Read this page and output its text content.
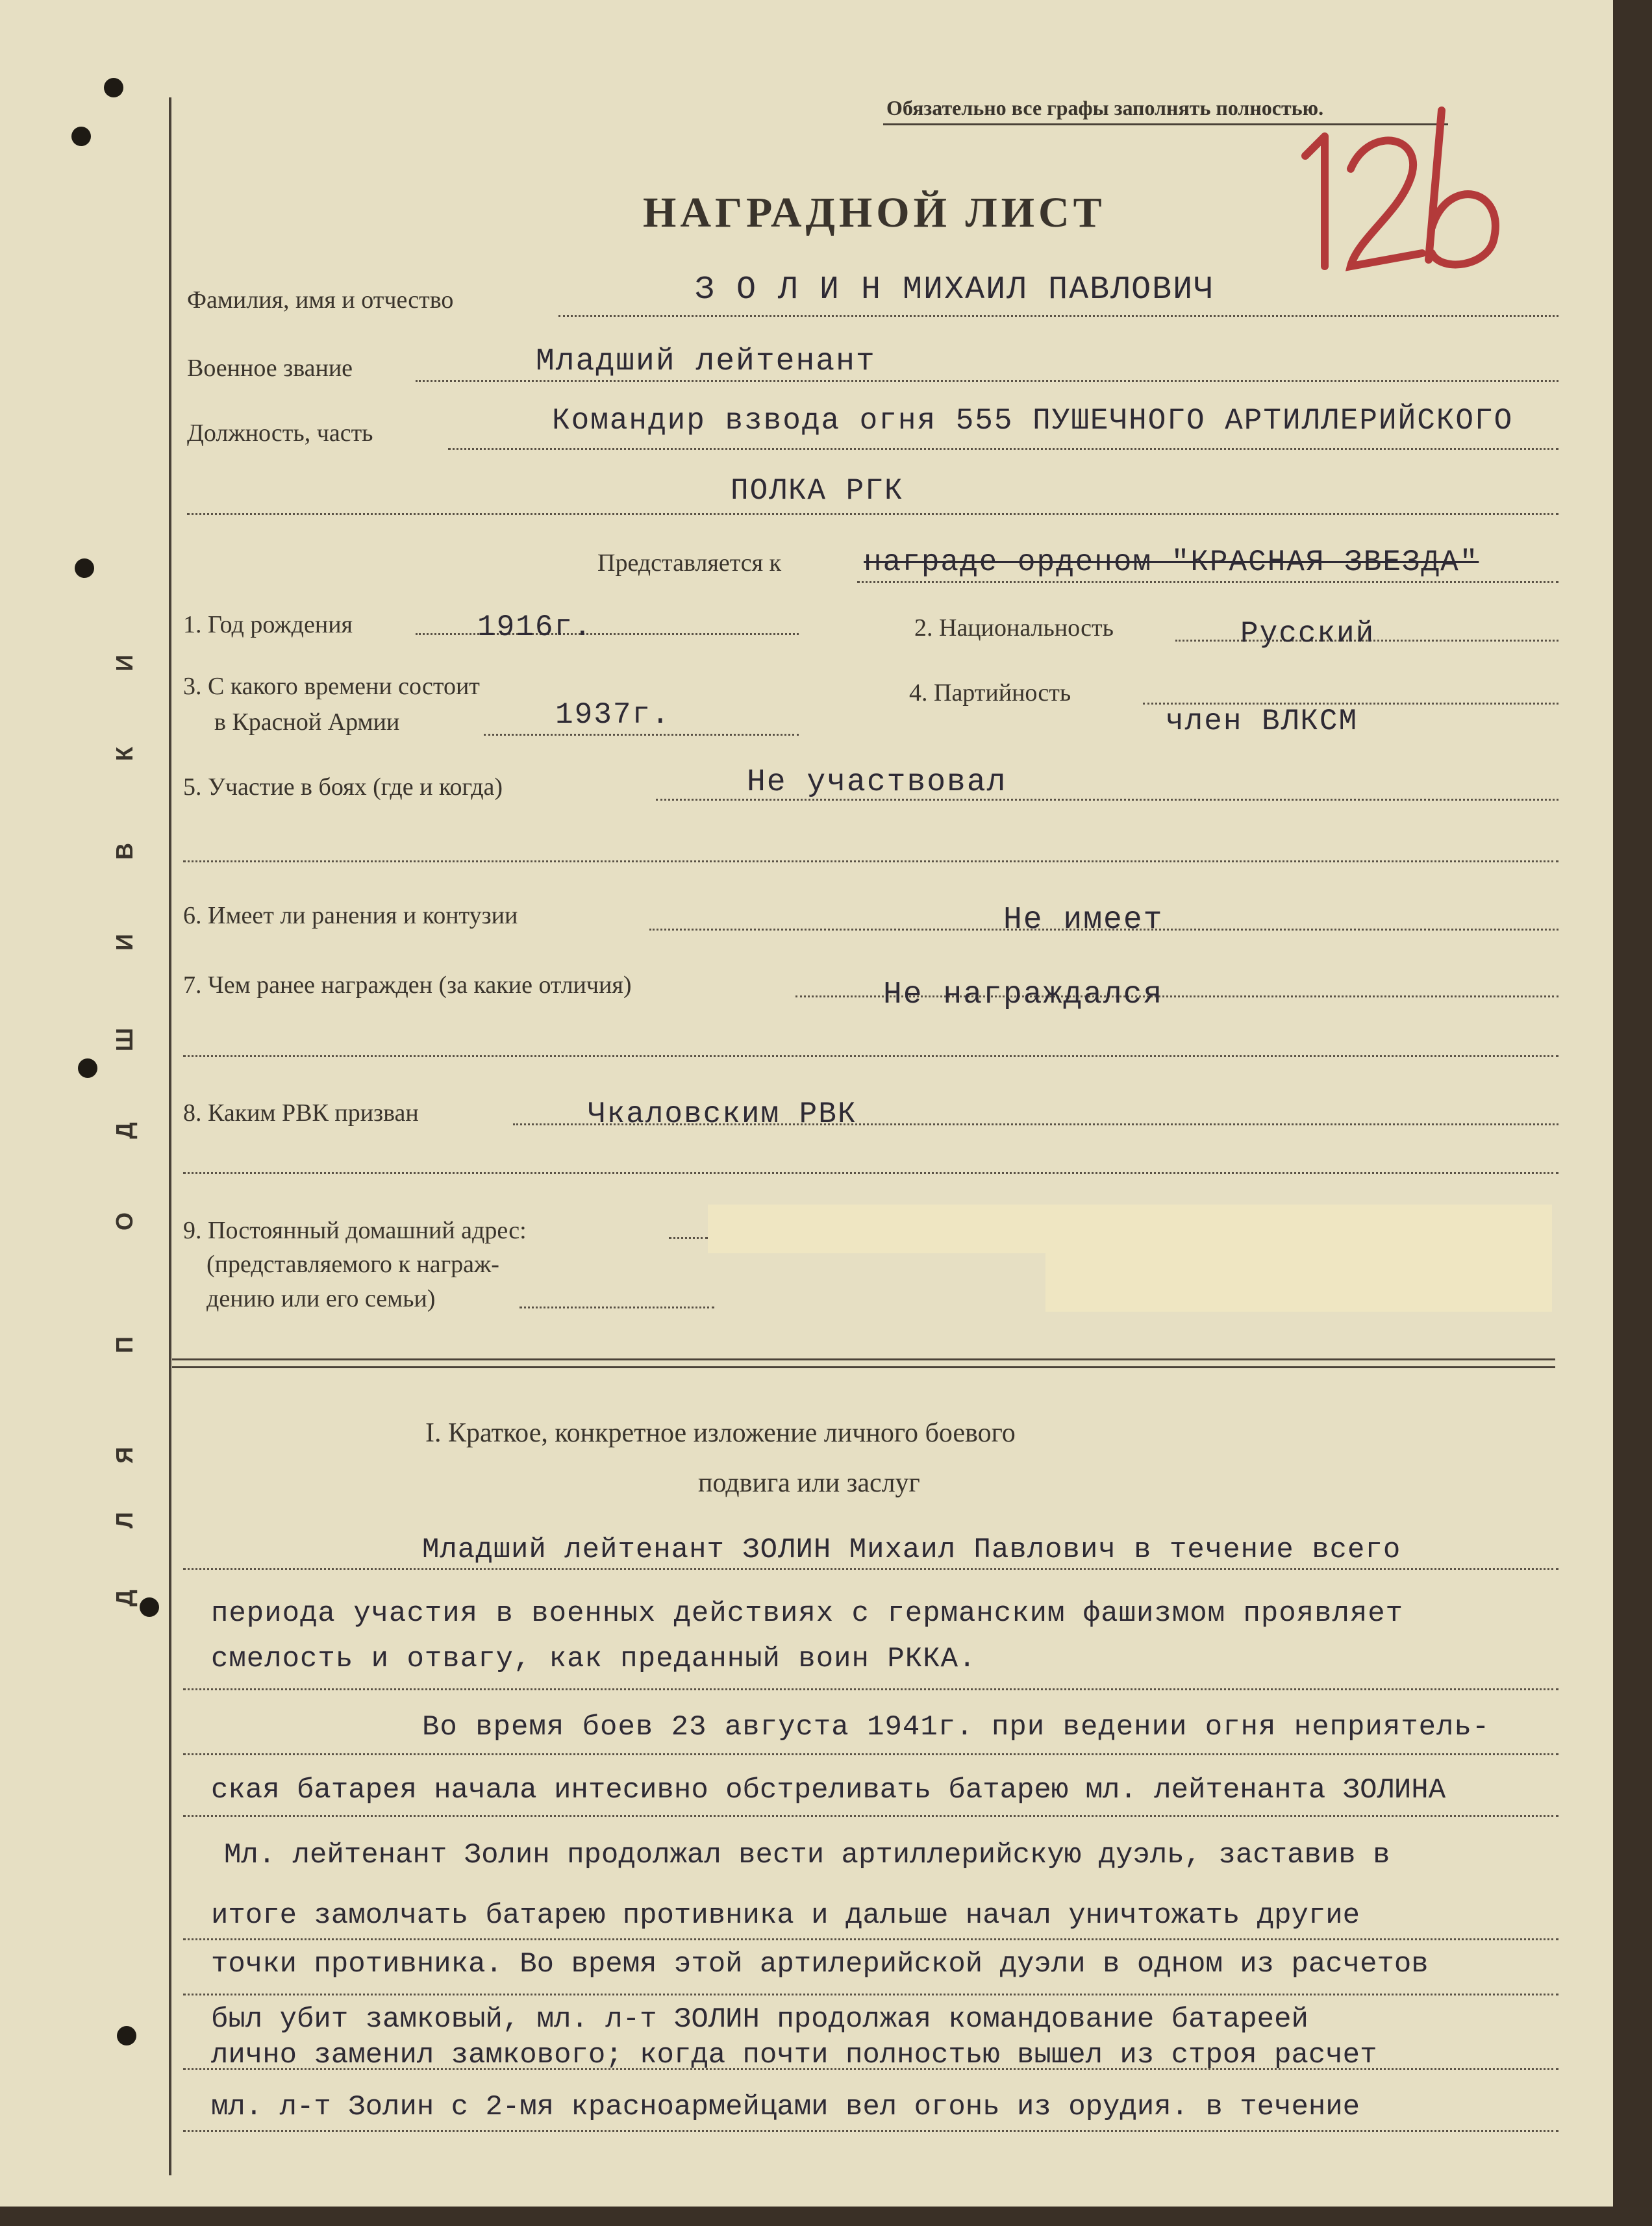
Д
Л
Я
П
О
Д
Ш
И
В
К
И
Обязательно все графы заполнять полностью.
НАГРАДНОЙ ЛИСТ
Фамилия, имя и отчество	З О Л И Н МИХАИЛ ПАВЛОВИЧ
Военное звание	Младший лейтенант
Должность, часть	Командир взвода огня 555 ПУШЕЧНОГО АРТИЛЛЕРИЙСКОГО
ПОЛКА РГК
Представляется к	награде орденом "КРАСНАЯ ЗВЕЗДА"
1. Год рождения	1916г.	2. Национальность	Русский
3. С какого времени состоит
в Красной Армии	1937г.
4. Партийность
член ВЛКСМ
5. Участие в боях (где и когда)	Не участвовал
6. Имеет ли ранения и контузии	Не имеет
7. Чем ранее награжден (за какие отличия)	Не награждался
8. Каким РВК призван	Чкаловским РВК
9. Постоянный домашний адрес:
(представляемого к награж-
дению или его семьи)
I. Краткое, конкретное изложение личного боевого
подвига или заслуг
Младший лейтенант ЗОЛИН Михаил Павлович в течение всего
периода участия в военных действиях с германским фашизмом проявляет
смелость и отвагу, как преданный воин РККА.
Во время боев 23 августа 1941г. при ведении огня неприятель-
ская батарея начала интесивно обстреливать батарею мл. лейтенанта ЗОЛИНА
Мл. лейтенант Золин продолжал вести артиллерийскую дуэль, заставив в
итоге замолчать батарею противника и дальше начал уничтожать другие
точки противника. Во время этой артилерийской дуэли в одном из расчетов
был убит замковый, мл. л-т ЗОЛИН продолжая командование батареей
лично заменил замкового; когда почти полностью вышел из строя расчет
мл. л-т Золин с 2-мя красноармейцами вел огонь из орудия. в течение
